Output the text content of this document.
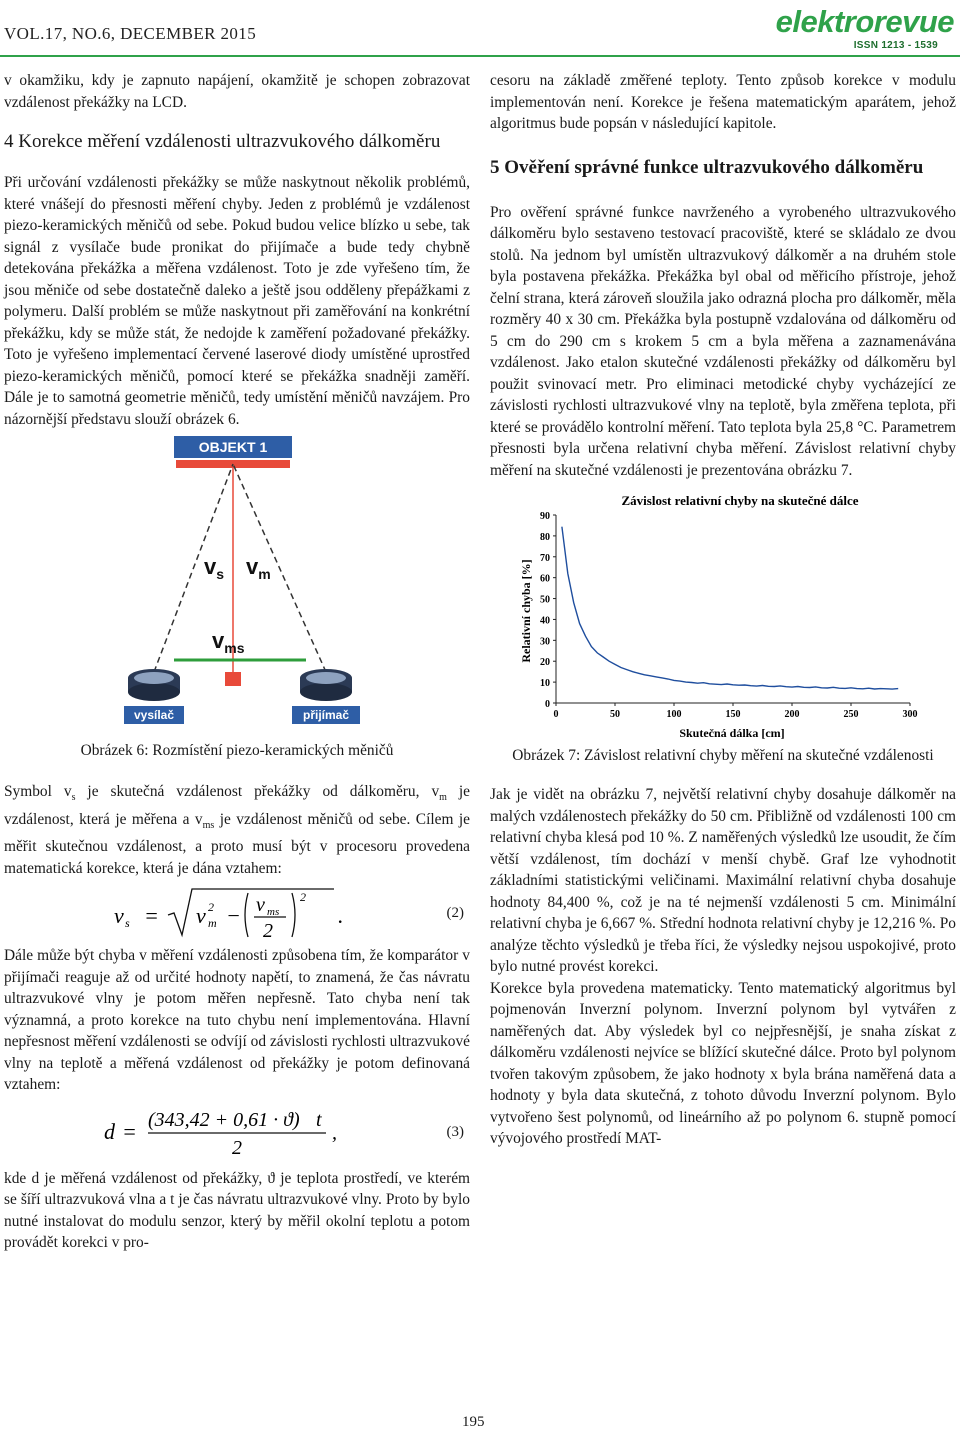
VOL.17, NO.6, DECEMBER 2015	elektrorevue
ISSN 1213 - 1539

v okamžiku, kdy je zapnuto napájení, okamžitě je schopen zobrazovat vzdálenost překážky na LCD.

4 Korekce měření vzdálenosti ultrazvukového dálkoměru

Při určování vzdálenosti překážky se může naskytnout několik problémů, které vnášejí do přesnosti měření chyby. Jeden z problémů je vzdálenost piezo-keramických měničů od sebe. Pokud budou velice blízko u sebe, tak signál z vysílače bude pronikat do přijímače a bude tedy chybně detekována překážka a měřena vzdálenost. Toto je zde vyřešeno tím, že jsou měniče od sebe dostatečně daleko a ještě jsou odděleny přepážkami z polymeru. Další problém se může naskytnout při zaměřování na konkrétní překážku, kdy se může stát, že nedojde k zaměření požadované překážky. Toto je vyřešeno implementací červené laserové diody umístěné uprostřed piezo-keramických měničů, pomocí které se překážka snadněji zaměří. Dále je to samotná geometrie měničů, tedy umístění měničů navzájem. Pro názornější představu slouží obrázek 6.

OBJEKT 1
$v_s$ $v_m$
$v_{ms}$
vysílač	přijímač
Obrázek 6: Rozmístění piezo-keramických měničů

Symbol $v_s$ je skutečná vzdálenost překážky od dálkoměru, $v_m$ je vzdálenost, která je měřena a $v_{ms}$ je vzdálenost měničů od sebe. Cílem je měřit skutečnou vzdálenost, a proto musí být v procesoru provedena matematická korekce, která je dána vztahem:

v s = v m
2 − v ms
2
2
.	(2)

Dále může být chyba v měření vzdálenosti způsobena tím, že komparátor v přijímači reaguje až od určité hodnoty napětí, to znamená, že čas návratu ultrazvukové vlny je potom měřen nepřesně. Tato chyba není tak významná, a proto korekce na tuto chybu není implementována. Hlavní nepřesnost měření vzdálenosti se odvíjí od závislosti rychlosti ultrazvukové vlny na teplotě a měřená vzdálenost od překážky je potom definovaná vztahem:

d = (343,42 + 0,61 · ϑ) t
2
,	(3)

kde d je měřená vzdálenost od překážky, ϑ je teplota prostředí, ve kterém se šíří ultrazvuková vlna a t je čas návratu ultrazvukové vlny. Proto by bylo nutné instalovat do modulu senzor, který by měřil okolní teplotu a potom provádět korekci v pro-

cesoru na základě změřené teploty. Tento způsob korekce v modulu implementován není. Korekce je řešena matematickým aparátem, jehož algoritmus bude popsán v následující kapitole.

5 Ověření správné funkce ultrazvukového dálkoměru

Pro ověření správné funkce navrženého a vyrobeného ultrazvukového dálkoměru bylo sestaveno testovací pracoviště, které se skládalo ze dvou stolů. Na jednom byl umístěn ultrazvukový dálkoměr a na druhém stole byla postavena překážka. Překážka byl obal od měřicího přístroje, jehož čelní strana, která zároveň sloužila jako odrazná plocha pro dálkoměr, měla rozměry 40 x 30 cm. Překážka byla postupně vzdalována od dálkoměru od 5 cm do 290 cm s krokem 5 cm a byla měřena a zaznamenávána vzdálenost. Jako etalon skutečné vzdálenosti překážky od dálkoměru byl použit svinovací metr. Pro eliminaci metodické chyby vycházející ze závislosti rychlosti ultrazvukové vlny na teplotě, byla změřena teplota, při které se provádělo kontrolní měření. Tato teplota byla 25,8 °C. Parametrem přesnosti byla určena relativní chyba měření. Závislost relativní chyby měření na skutečné vzdálenosti je prezentována obrázku 7.

Závislost relativní chyby na skutečné dálce
Relativní chyba [%]
Skutečná dálka [cm]
0
10
20
30
40
50
60
70
80
90
0	50	100	150	200	250	300
Obrázek 7: Závislost relativní chyby měření na skutečné vzdálenosti

Jak je vidět na obrázku 7, největší relativní chyby dosahuje dálkoměr na malých vzdálenostech překážky do 50 cm. Přibližně od vzdálenosti 100 cm relativní chyba klesá pod 10 %. Z naměřených výsledků lze usoudit, že čím větší vzdálenost, tím dochází v menší chybě. Graf lze vyhodnotit základními statistickými veličinami. Maximální relativní chyba dosahuje hodnoty 84,400 %, což je na té nejmenší vzdálenosti 5 cm. Minimální relativní chyba je 6,667 %. Střední hodnota relativní chyby je 12,216 %. Po analýze těchto výsledků je třeba říci, že výsledky nejsou uspokojivé, proto bylo nutné provést korekci.

Korekce byla provedena matematicky. Tento matematický algoritmus byl pojmenován Inverzní polynom. Inverzní polynom byl vytvářen z naměřených dat. Aby výsledek byl co nejpřesnější, je snaha získat z dálkoměru vzdálenosti nejvíce se blížící skutečné dálce. Proto byl polynom tvořen takovým způsobem, že jako hodnoty x byla brána naměřená data a hodnoty y byla data skutečná, z tohoto důvodu Inverzní polynom. Bylo vytvořeno šest polynomů, od lineárního až po polynom 6. stupně pomocí vývojového prostředí MAT-

195
